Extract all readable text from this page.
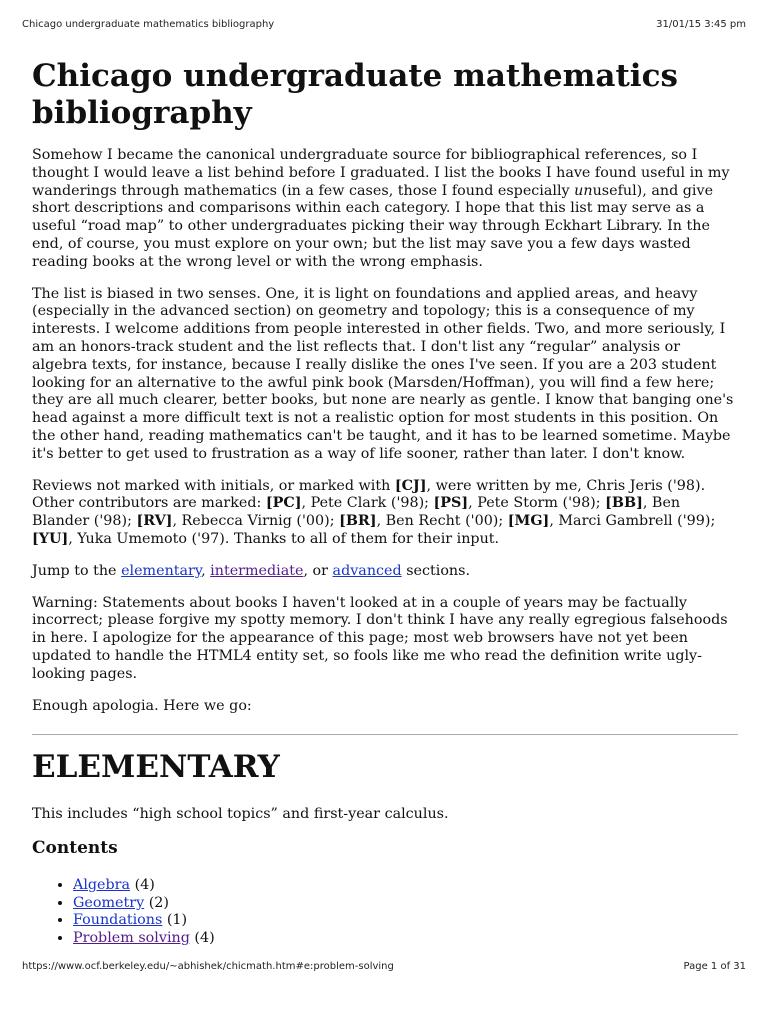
Chicago undergraduate mathematics bibliography	31/01/15 3:45 pm
Chicago undergraduate mathematics bibliography

Somehow I became the canonical undergraduate source for bibliographical references, so I thought I would leave a list behind before I graduated. I list the books I have found useful in my wanderings through mathematics (in a few cases, those I found especially unuseful), and give short descriptions and comparisons within each category. I hope that this list may serve as a useful “road map” to other undergraduates picking their way through Eckhart Library. In the end, of course, you must explore on your own; but the list may save you a few days wasted reading books at the wrong level or with the wrong emphasis.

The list is biased in two senses. One, it is light on foundations and applied areas, and heavy (especially in the advanced section) on geometry and topology; this is a consequence of my interests. I welcome additions from people interested in other fields. Two, and more seriously, I am an honors-track student and the list reflects that. I don't list any “regular” analysis or algebra texts, for instance, because I really dislike the ones I've seen. If you are a 203 student looking for an alternative to the awful pink book (Marsden/Hoffman), you will find a few here; they are all much clearer, better books, but none are nearly as gentle. I know that banging one's head against a more difficult text is not a realistic option for most students in this position. On the other hand, reading mathematics can't be taught, and it has to be learned sometime. Maybe it's better to get used to frustration as a way of life sooner, rather than later. I don't know.

Reviews not marked with initials, or marked with [CJ], were written by me, Chris Jeris ('98). Other contributors are marked: [PC], Pete Clark ('98); [PS], Pete Storm ('98); [BB], Ben Blander ('98); [RV], Rebecca Virnig ('00); [BR], Ben Recht ('00); [MG], Marci Gambrell ('99); [YU], Yuka Umemoto ('97). Thanks to all of them for their input.

Jump to the elementary, intermediate, or advanced sections.

Warning: Statements about books I haven't looked at in a couple of years may be factually incorrect; please forgive my spotty memory. I don't think I have any really egregious falsehoods in here. I apologize for the appearance of this page; most web browsers have not yet been updated to handle the HTML4 entity set, so fools like me who read the definition write ugly-looking pages.

Enough apologia. Here we go:

ELEMENTARY

This includes “high school topics” and first-year calculus.

Contents
• Algebra (4)
• Geometry (2)
• Foundations (1)
• Problem solving (4)
https://www.ocf.berkeley.edu/~abhishek/chicmath.htm#e:problem-solving	Page 1 of 31
